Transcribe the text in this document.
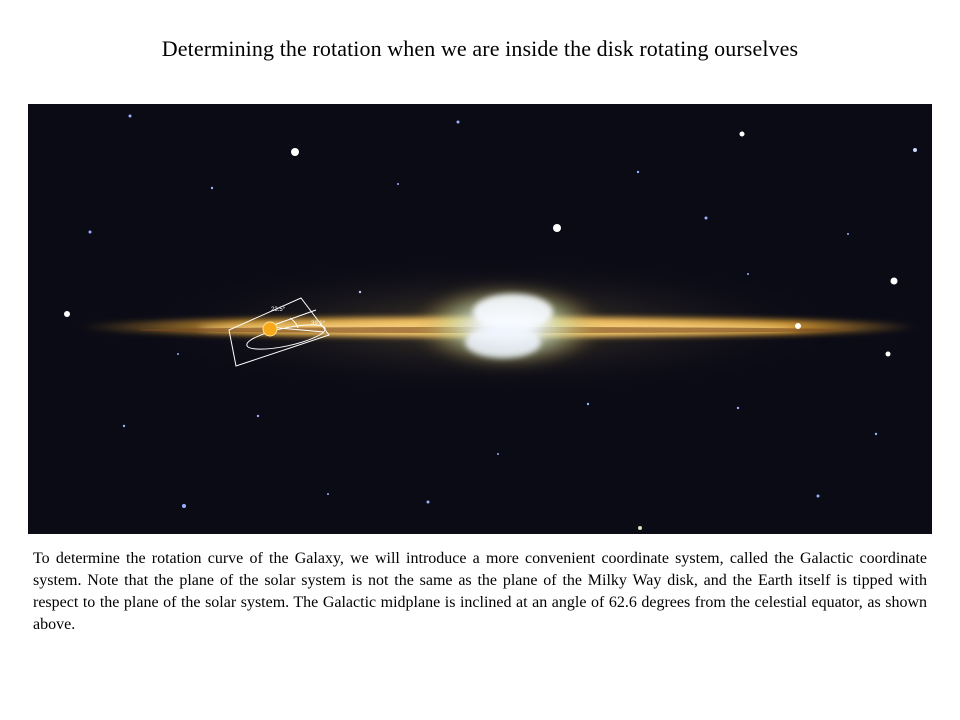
Determining the rotation when we are inside the disk rotating ourselves
23.5°
39.1°

To determine the rotation curve of the Galaxy, we will introduce a more convenient coordinate system, called the Galactic coordinate system. Note that the plane of the solar system is not the same as the plane of the Milky Way disk, and the Earth itself is tipped with respect to the plane of the solar system. The Galactic midplane is inclined at an angle of 62.6 degrees from the celestial equator, as shown above.
